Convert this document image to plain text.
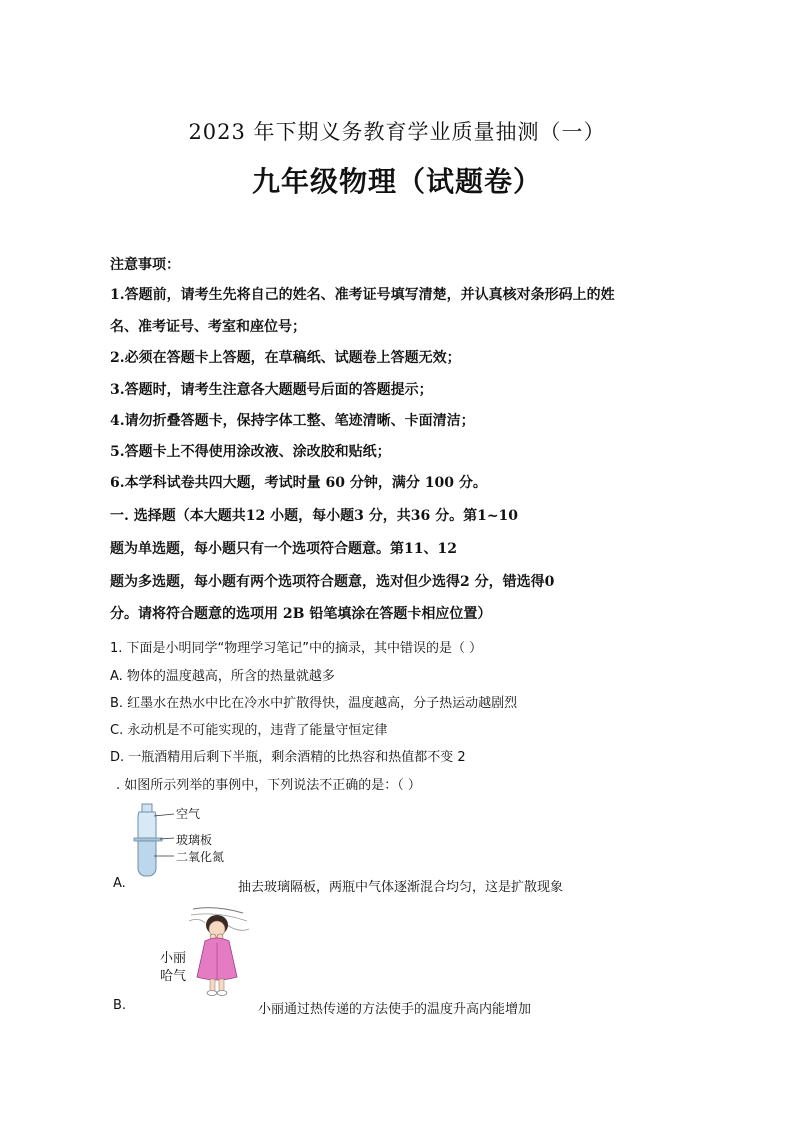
2023 年下期义务教育学业质量抽测（一）
九年级物理（试题卷）
注意事项：
1.答题前，请考生先将自己的姓名、准考证号填写清楚，并认真核对条形码上的姓
名、准考证号、考室和座位号；
2.必须在答题卡上答题，在草稿纸、试题卷上答题无效；
3.答题时，请考生注意各大题题号后面的答题提示；
4.请勿折叠答题卡，保持字体工整、笔迹清晰、卡面清洁；
5.答题卡上不得使用涂改液、涂改胶和贴纸；
6.本学科试卷共四大题，考试时量 60 分钟，满分 100 分。
一. 选择题（本大题共12 小题，每小题3 分，共36 分。第1~10
题为单选题，每小题只有一个选项符合题意。第11、12
题为多选题，每小题有两个选项符合题意，选对但少选得2 分，错选得0
分。请将符合题意的选项用 2B 铅笔填涂在答题卡相应位置）
1. 下面是小明同学“物理学习笔记”中的摘录，其中错误的是（ ）
A. 物体的温度越高，所含的热量就越多
B. 红墨水在热水中比在冷水中扩散得快，温度越高，分子热运动越剧烈
C. 永动机是不可能实现的，违背了能量守恒定律
D. 一瓶酒精用后剩下半瓶，剩余酒精的比热容和热值都不变 2
. 如图所示列举的事例中，下列说法不正确的是：（ ）
空气
玻璃板
二氧化氮
A.	抽去玻璃隔板，两瓶中气体逐渐混合均匀，这是扩散现象
小丽
哈气
B.	小丽通过热传递的方法使手的温度升高内能增加
